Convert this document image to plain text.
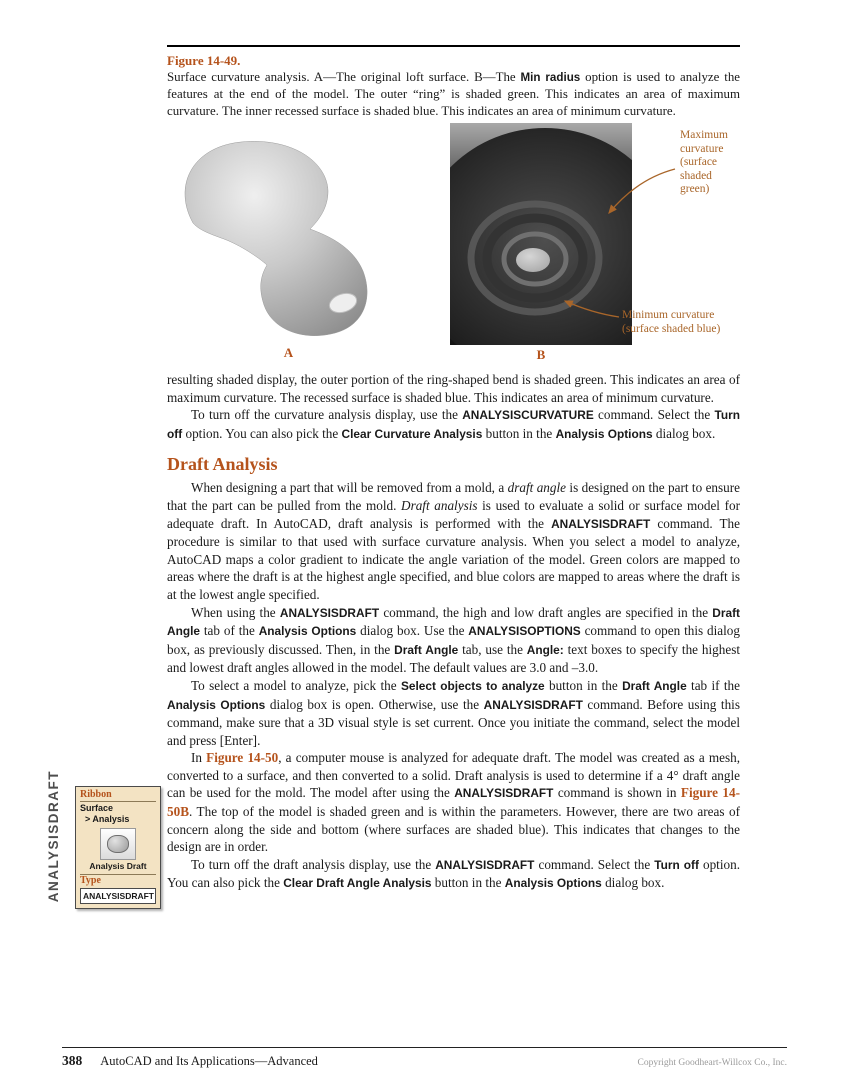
Figure 14-49.
Surface curvature analysis. A—The original loft surface. B—The Min radius option is used to analyze the features at the end of the model. The outer “ring” is shaded green. This indicates an area of maximum curvature. The inner recessed surface is shaded blue. This indicates an area of minimum curvature.
Maximum
curvature
(surface
shaded
green)
Minimum curvature
(surface shaded blue)
A	B

resulting shaded display, the outer portion of the ring-shaped bend is shaded green. This indicates an area of maximum curvature. The recessed surface is shaded blue. This indicates an area of minimum curvature.

To turn off the curvature analysis display, use the ANALYSISCURVATURE command. Select the Turn off option. You can also pick the Clear Curvature Analysis button in the Analysis Options dialog box.

Draft Analysis

When designing a part that will be removed from a mold, a draft angle is designed on the part to ensure that the part can be pulled from the mold. Draft analysis is used to evaluate a solid or surface model for adequate draft. In AutoCAD, draft analysis is performed with the ANALYSISDRAFT command. The procedure is similar to that used with surface curvature analysis. When you select a model to analyze, AutoCAD maps a color gradient to indicate the angle variation of the model. Green colors are mapped to areas where the draft is at the highest angle specified, and blue colors are mapped to areas where the draft is at the lowest angle specified.

When using the ANALYSISDRAFT command, the high and low draft angles are specified in the Draft Angle tab of the Analysis Options dialog box. Use the ANALYSISOPTIONS command to open this dialog box, as previously discussed. Then, in the Draft Angle tab, use the Angle: text boxes to specify the highest and lowest draft angles allowed in the model. The default values are 3.0 and –3.0.

To select a model to analyze, pick the Select objects to analyze button in the Draft Angle tab if the Analysis Options dialog box is open. Otherwise, use the ANALYSISDRAFT command. Before using this command, make sure that a 3D visual style is set current. Once you initiate the command, select the model and press [Enter].

In Figure 14-50, a computer mouse is analyzed for adequate draft. The model was created as a mesh, converted to a surface, and then converted to a solid. Draft analysis is used to determine if a 4° draft angle can be used for the mold. The model after using the ANALYSISDRAFT command is shown in Figure 14-50B. The top of the model is shaded green and is within the parameters. However, there are two areas of concern along the side and bottom (where surfaces are shaded blue). This indicates that changes to the design are in order.

To turn off the draft analysis display, use the ANALYSISDRAFT command. Select the Turn off option. You can also pick the Clear Draft Angle Analysis button in the Analysis Options dialog box.

ANALYSISDRAFT Ribbon
Surface
> Analysis
Analysis Draft
Type
ANALYSISDRAFT
388 AutoCAD and Its Applications—Advanced	Copyright Goodheart-Willcox Co., Inc.
